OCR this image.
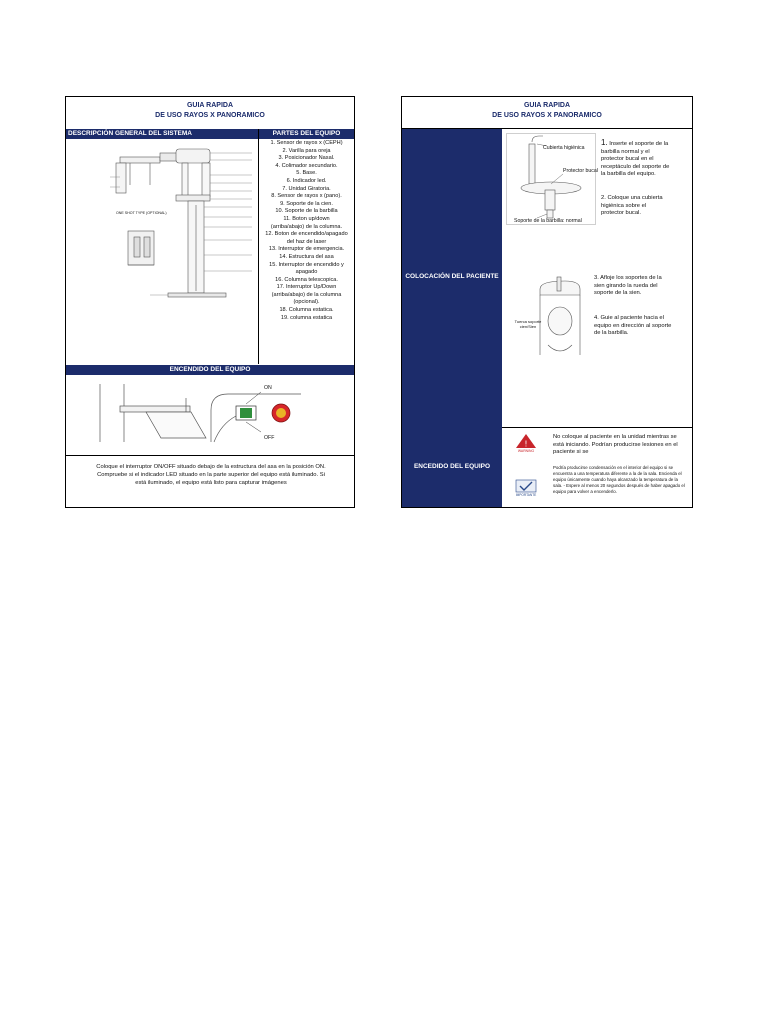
GUIA RAPIDA
DE USO RAYOS X PANORAMICO
DESCRIPCIÓN GENERAL DEL SISTEMA	PARTES DEL EQUIPO
ONE SHOT TYPE (OPTIONAL)
1. Sensor de rayos x (CEPH)
2. Varilla para oreja
3. Posicionador Nasal.
4. Colimador secundario.
5. Base.
6. Indicador led.
7. Unidad Giratoria.
8. Sensor de rayos x (pano).
9. Soporte de la cien.
10. Soporte de la barbilla
11. Boton up/down
(arriba/abajo) de la columna.
12. Boton de encendido/apagado
del haz de laser
13. Interruptor de emergencia.
14. Estructura del asa
15. Interruptor de encendido y
apagado
16. Columna telescopica.
17. Interruptor Up/Down
(arriba/abajo) de la columna
(opcional).
18. Columna estatica.
19. columna estatica
ENCENDIDO DEL EQUIPO
ON
OFF
Coloque el interruptor ON/OFF situado debajo de la estructura del asa en la posición ON. Compruebe si el indicador LED situado en la parte superior del equipo está iluminado. Si está iluminado, el equipo está listo para capturar imágenes
GUIA RAPIDA
DE USO RAYOS X PANORAMICO
COLOCACIÓN DEL PACIENTE
ENCEDIDO DEL EQUIPO
Cubierta higiénica
Protector bucal
Soporte de la barbilla: normal
1. Inserte el soporte de la barbilla normal y el protector bucal en el receptáculo del soporte de la barbilla del equipo.
2. Coloque una cubierta higiénica sobre el protector bucal.
Tuerca soporte cien/Sien
3. Afloje los soportes de la sien girando la rueda del soporte de la sien.
4. Guie al paciente hacia el equipo en dirección al soporte de la barbilla.
!
WARNING
No coloque al paciente en la unidad mientras se está iniciando. Podrían producirse lesiones en el paciente si se
IMPORTANTE
Podría producirse condensación en el interior del equipo si se encuentra a una temperatura diferente a la de la sala. Encienda el equipo únicamente cuando haya alcanzado la temperatura de la sala. - Espere al menos 20 segundos después de haber apagado el equipo para volver a encenderlo.
